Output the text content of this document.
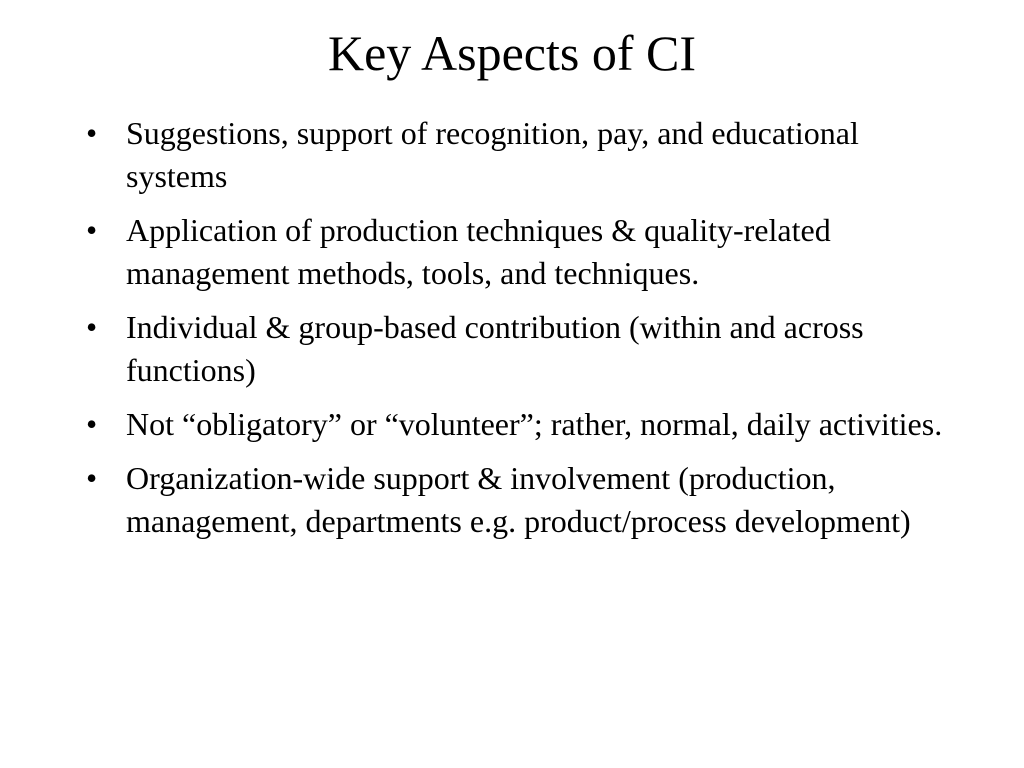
Key Aspects of CI
• Suggestions, support of recognition, pay, and educational systems
• Application of production techniques & quality-related management methods, tools, and techniques.
• Individual & group-based contribution (within and across functions)
• Not “obligatory” or “volunteer”; rather, normal, daily activities.
• Organization-wide support & involvement (production, management, departments e.g. product/process development)
